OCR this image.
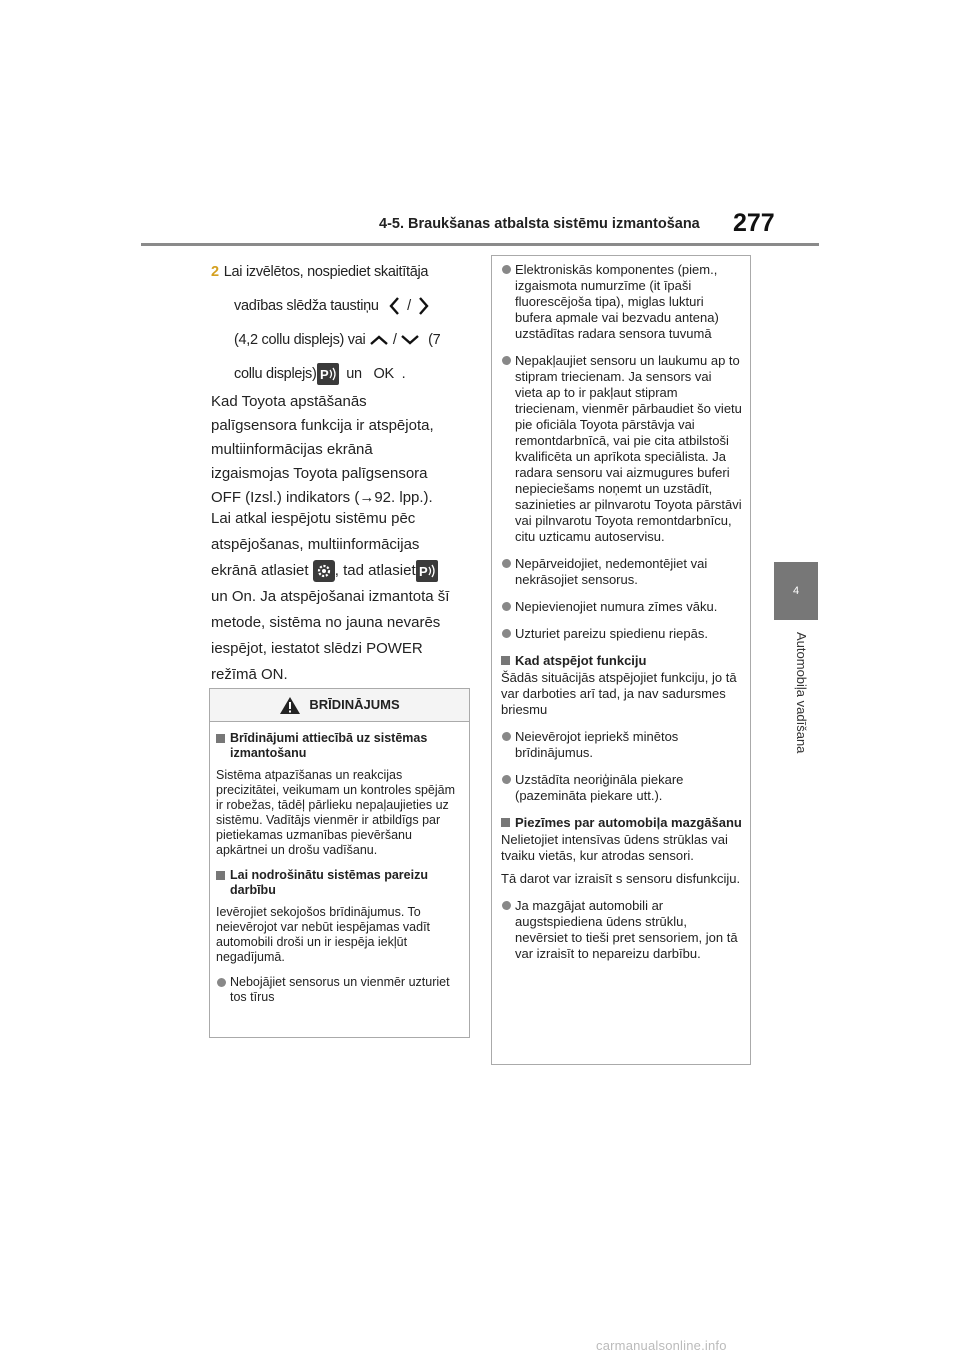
4-5. Braukšanas atbalsta sistēmu izmantošana 277
4
Automobiļa vadīšana
2 Lai izvēlētos, nospiediet skaitītāja
vadības slēdža taustiņu /
(4,2 collu displejs) vai / (7
collu displejs) P un OK .
Kad Toyota apstāšanās
palīgsensora funkcija ir atspējota,
multiinformācijas ekrānā
izgaismojas Toyota palīgsensora
OFF (Izsl.) indikators (→92. lpp.).
Lai atkal iespējotu sistēmu pēc
atspējošanas, multiinformācijas
ekrānā atlasiet , tad atlasiet P
un On. Ja atspējošanai izmantota šī
metode, sistēma no jauna nevarēs
iespējot, iestatot slēdzi POWER
režīmā ON.
BRĪDINĀJUMS
Brīdinājumi attiecībā uz sistēmas izmantošanu
Sistēma atpazīšanas un reakcijas precizitātei, veikumam un kontroles spējām ir robežas, tādēļ pārlieku nepaļaujieties uz sistēmu. Vadītājs vienmēr ir atbildīgs par pietiekamas uzmanības pievēršanu apkārtnei un drošu vadīšanu.
Lai nodrošinātu sistēmas pareizu darbību
Ievērojiet sekojošos brīdinājumus. To neievērojot var nebūt iespējamas vadīt automobili droši un ir iespēja iekļūt negadījumā.
Nebojājiet sensorus un vienmēr uzturiet tos tīrus
Elektroniskās komponentes (piem., izgaismota numurzīme (it īpaši fluorescējoša tipa), miglas lukturi bufera apmale vai bezvadu antena) uzstādītas radara sensora tuvumā
Nepakļaujiet sensoru un laukumu ap to stipram triecienam. Ja sensors vai vieta ap to ir pakļaut stipram triecienam, vienmēr pārbaudiet šo vietu pie oficiāla Toyota pārstāvja vai remontdarbnīcā, vai pie cita atbilstoši kvalificēta un aprīkota speciālista. Ja radara sensoru vai aizmugures buferi nepieciešams noņemt un uzstādīt, sazinieties ar pilnvarotu Toyota pārstāvi vai pilnvarotu Toyota remontdarbnīcu, citu uzticamu autoservisu.
Nepārveidojiet, nedemontējiet vai nekrāsojiet sensorus.
Nepievienojiet numura zīmes vāku.
Uzturiet pareizu spiedienu riepās.
Kad atspējot funkciju
Šādās situācijās atspējojiet funkciju, jo tā var darboties arī tad, ja nav sadursmes briesmu
Neievērojot iepriekš minētos brīdinājumus.
Uzstādīta neoriģināla piekare (pazemināta piekare utt.).
Piezīmes par automobiļa mazgāšanu
Nelietojiet intensīvas ūdens strūklas vai tvaiku vietās, kur atrodas sensori.
Tā darot var izraisīt s sensoru disfunkciju.
Ja mazgājat automobili ar augstspiediena ūdens strūklu, nevērsiet to tieši pret sensoriem, jon tā var izraisīt to nepareizu darbību.
carmanualsonline.info
